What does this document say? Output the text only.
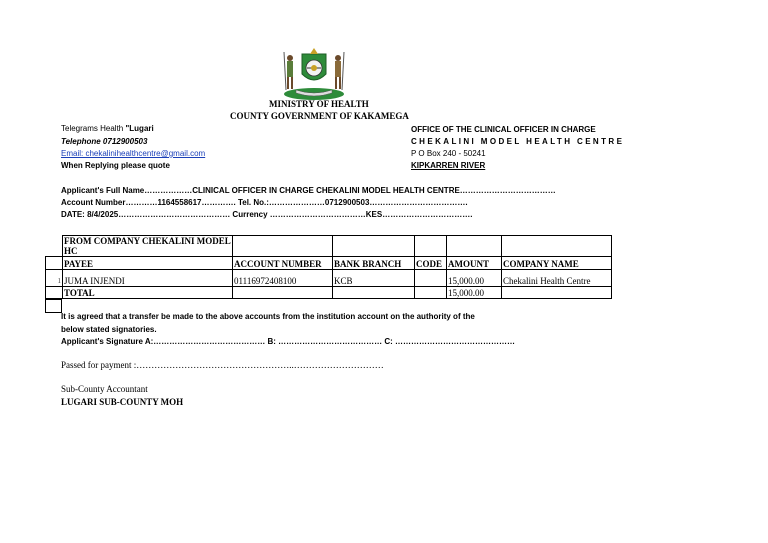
MINISTRY OF HEALTH
COUNTY GOVERNMENT OF KAKAMEGA
Telegrams Health "Lugari
Telephone 0712900503
Email: chekalinihealthcentre@gmail.com
When Replying please quote
OFFICE OF THE CLINICAL OFFICER IN CHARGE
CHEKALINI MODEL HEALTH CENTRE
P O Box 240 - 50241
KIPKARREN RIVER
Applicant's Full Name………………CLINICAL OFFICER IN CHARGE CHEKALINI MODEL HEALTH CENTRE………………………………
Account Number…………1164558617…………. Tel. No.:…………………0712900503……………………………….
DATE: 8/4/2025…………………………………… Currency ………………………………KES…………………………….
	FROM COMPANY CHEKALINI MODEL HC					
	PAYEE	ACCOUNT NUMBER	BANK BRANCH	CODE	AMOUNT	COMPANY NAME
1	JUMA INJENDI	01116972408100	KCB		15,000.00	Chekalini Health Centre
	TOTAL				15,000.00	
It is agreed that a transfer be made to the above accounts from the institution account on the authority of the
below stated signatories.
Applicant's Signature A:…………………………………… B: ………………………………… C: ………………………………………
Passed for payment :……………………………………………..…………………………
Sub-County Accountant
LUGARI SUB-COUNTY MOH
